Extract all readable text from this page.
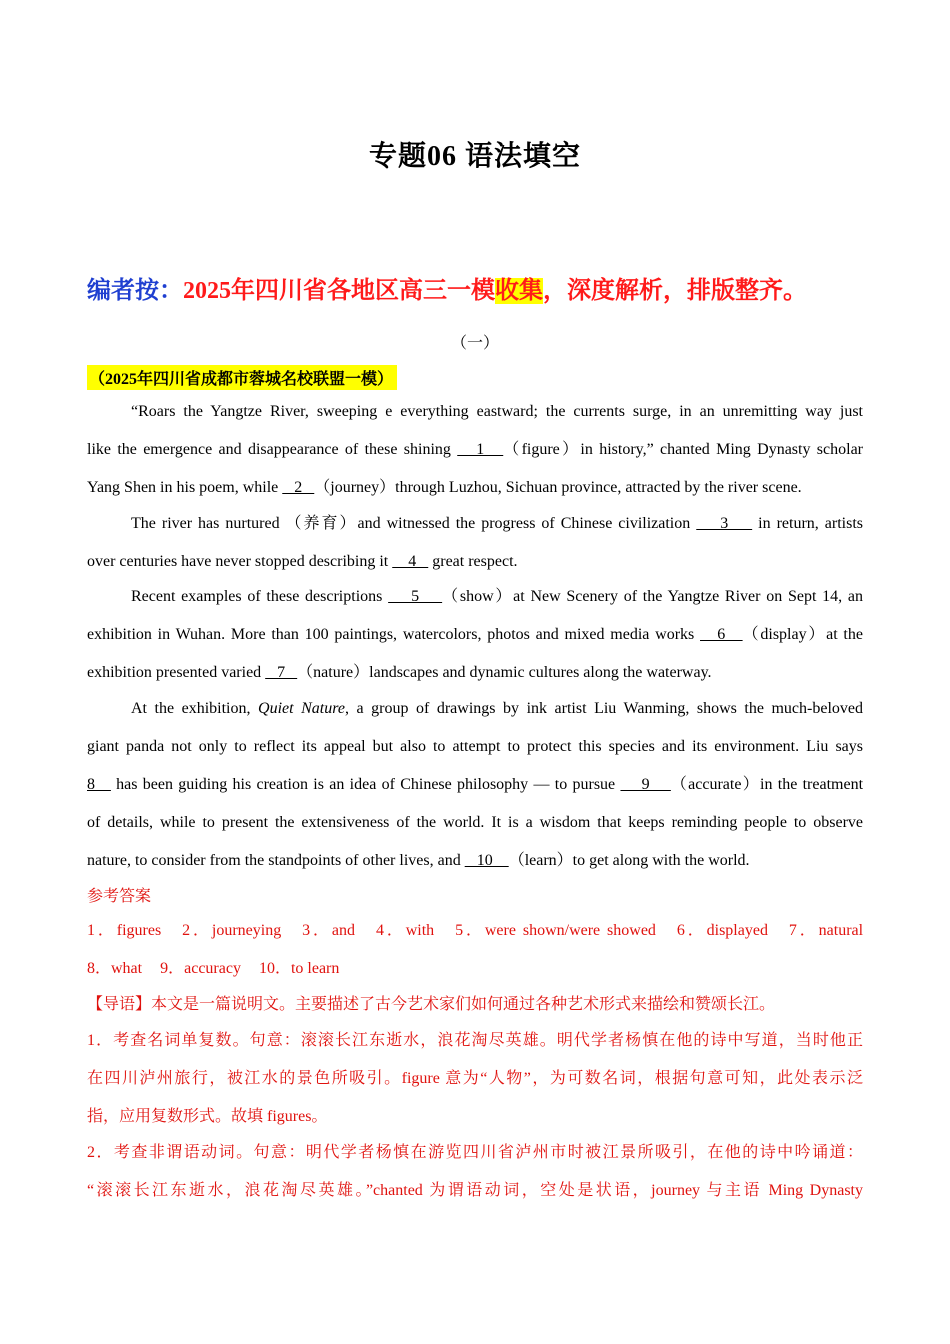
专题06 语法填空
编者按：2025年四川省各地区高三一模收集，深度解析，排版整齐。
（一）
（2025年四川省成都市蓉城名校联盟一模）
“Roars the Yangtze River, sweeping e everything eastward; the currents surge, in an unremitting way just
like the emergence and disappearance of these shining    1   （figure）in history,” chanted Ming Dynasty scholar
Yang Shen in his poem, while    2   （journey）through Luzhou, Sichuan province, attracted by the river scene.
The river has nurtured （养育）and witnessed the progress of Chinese civilization     3     in return, artists
over centuries have never stopped describing it     4    great respect.
Recent examples of these descriptions     5    （show）at New Scenery of the Yangtze River on Sept 14, an
exhibition in Wuhan. More than 100 paintings, watercolors, photos and mixed media works    6   （display）at the
exhibition presented varied    7   （nature）landscapes and dynamic cultures along the waterway.
At the exhibition, Quiet Nature, a group of drawings by ink artist Liu Wanming, shows the much-beloved
giant panda not only to reflect its appeal but also to attempt to protect this species and its environment. Liu says
8    has been guiding his creation is an idea of Chinese philosophy — to pursue     9    （accurate）in the treatment
of details, while to present the extensiveness of the world. It is a wisdom that keeps reminding people to observe
nature, to consider from the standpoints of other lives, and    10    （learn）to get along with the world.
参考答案
1．figures 2．journeying 3．and 4．with 5．were shown/were showed 6．displayed 7．natural
8．what 9．accuracy 10．to learn
【导语】本文是一篇说明文。主要描述了古今艺术家们如何通过各种艺术形式来描绘和赞颂长江。
1．考查名词单复数。句意：滚滚长江东逝水，浪花淘尽英雄。明代学者杨慎在他的诗中写道，当时他正
在四川泸州旅行，被江水的景色所吸引。figure 意为“人物”，为可数名词，根据句意可知，此处表示泛
指，应用复数形式。故填 figures。
2．考查非谓语动词。句意：明代学者杨慎在游览四川省泸州市时被江景所吸引，在他的诗中吟诵道：
“滚滚长江东逝水，浪花淘尽英雄。”chanted 为谓语动词，空处是状语，journey 与主语 Ming Dynasty
